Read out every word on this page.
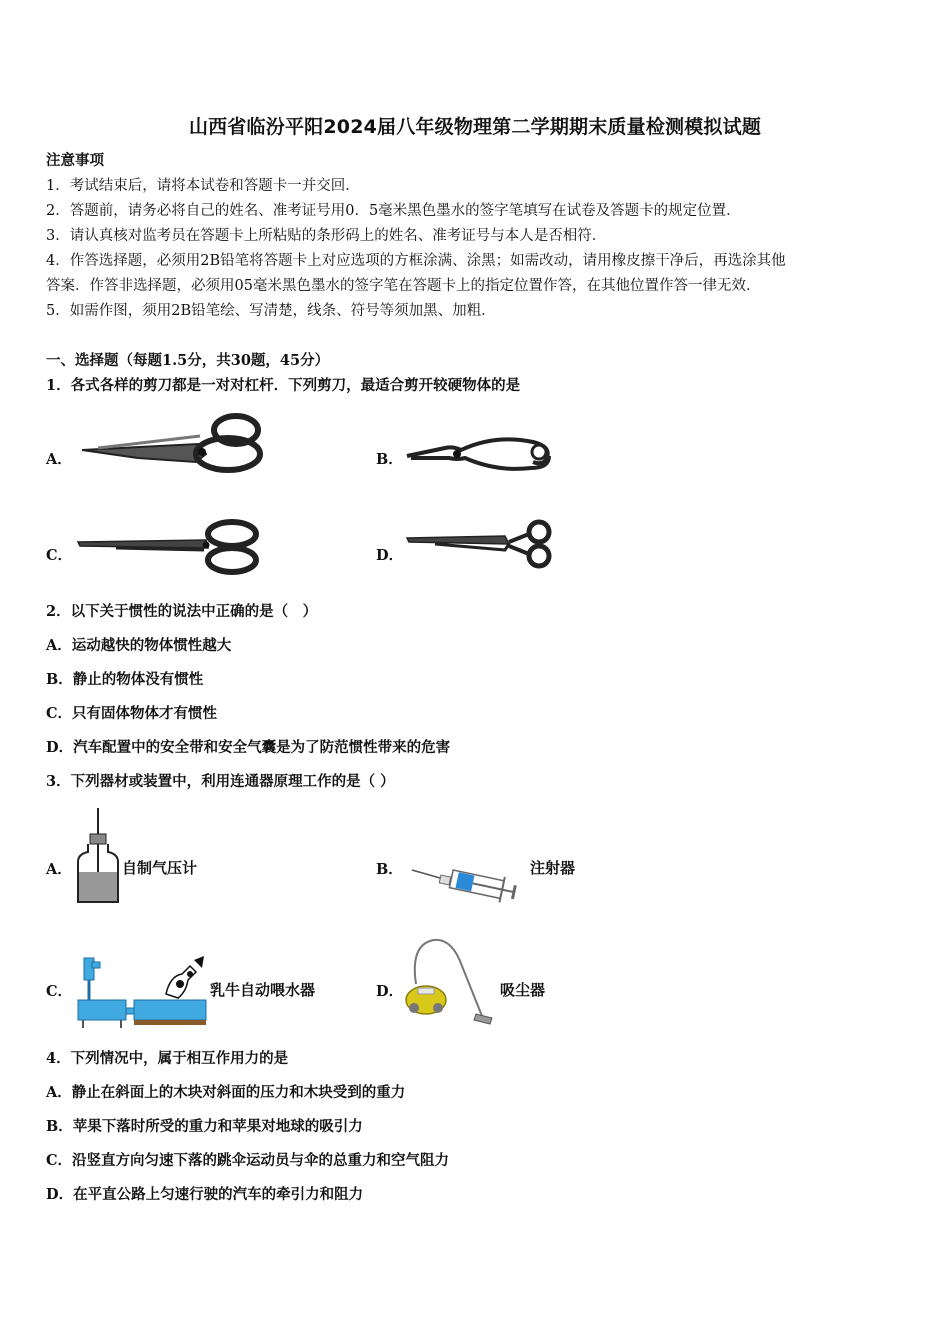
山西省临汾平阳2024届八年级物理第二学期期末质量检测模拟试题
注意事项
1．考试结束后，请将本试卷和答题卡一并交回．
2．答题前，请务必将自己的姓名、准考证号用0．5毫米黑色墨水的签字笔填写在试卷及答题卡的规定位置．
3．请认真核对监考员在答题卡上所粘贴的条形码上的姓名、准考证号与本人是否相符．
4．作答选择题，必须用2B铅笔将答题卡上对应选项的方框涂满、涂黑；如需改动，请用橡皮擦干净后，再选涂其他
答案．作答非选择题，必须用05毫米黑色墨水的签字笔在答题卡上的指定位置作答，在其他位置作答一律无效．
5．如需作图，须用2B铅笔绘、写清楚，线条、符号等须加黑、加粗．
一、选择题（每题1.5分，共30题，45分）
1．各式各样的剪刀都是一对对杠杆．下列剪刀，最适合剪开较硬物体的是
A．	B．
C．	D．
2．以下关于惯性的说法中正确的是（　）
A．运动越快的物体惯性越大
B．静止的物体没有惯性
C．只有固体物体才有惯性
D．汽车配置中的安全带和安全气囊是为了防范惯性带来的危害
3．下列器材或装置中，利用连通器原理工作的是（ ）
A．	自制气压计	B．	注射器
C．	乳牛自动喂水器	D．	吸尘器
4．下列情况中，属于相互作用力的是
A．静止在斜面上的木块对斜面的压力和木块受到的重力
B．苹果下落时所受的重力和苹果对地球的吸引力
C．沿竖直方向匀速下落的跳伞运动员与伞的总重力和空气阻力
D．在平直公路上匀速行驶的汽车的牵引力和阻力
